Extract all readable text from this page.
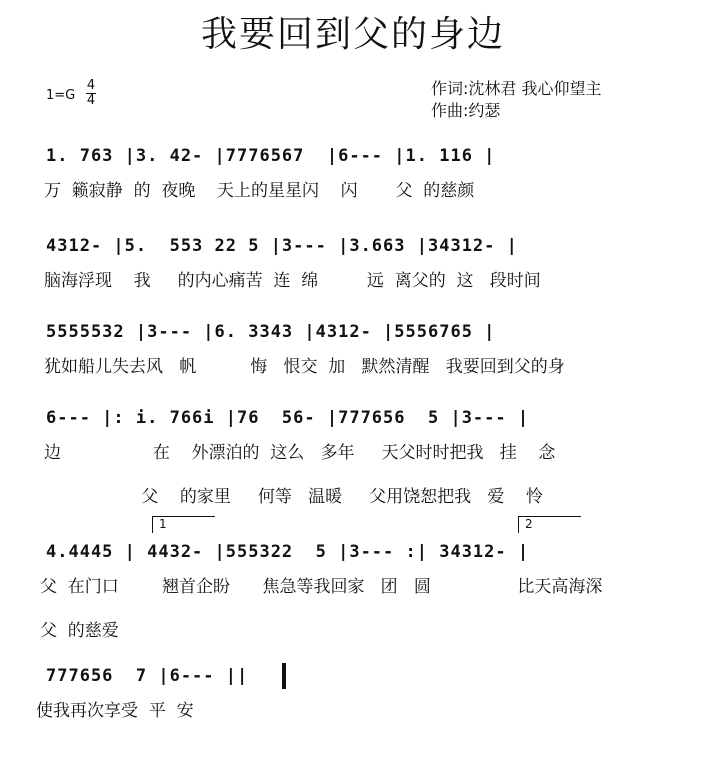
我要回到父的身边
1=G
4
4
作词:沈林君 我心仰望主
作曲:约瑟
1. 763 |3. 42- |7776567  |6--- |1. 116 |
万  籁寂静  的  夜晚    天上的星星闪    闪       父  的慈颜
4312- |5.  553 22 5 |3--- |3.663 |34312- |
脑海浮现    我     的内心痛苦  连  绵         远  离父的  这   段时间
5555532 |3--- |6. 3343 |4312- |5556765 |
犹如船儿失去风   帆          悔   恨交  加   默然清醒   我要回到父的身
6--- |: i. 766i |76  56- |777656  5 |3--- |
边                 在    外漂泊的  这么   多年     天父时时把我   挂    念
父    的家里     何等   温暖     父用饶恕把我   爱    怜
1	2
4.4445 | 4432- |555322  5 |3--- :| 34312- |
父  在门口        翘首企盼      焦急等我回家   团   圆                比天高海深
父  的慈爱
777656  7 |6--- ||
使我再次享受  平  安
